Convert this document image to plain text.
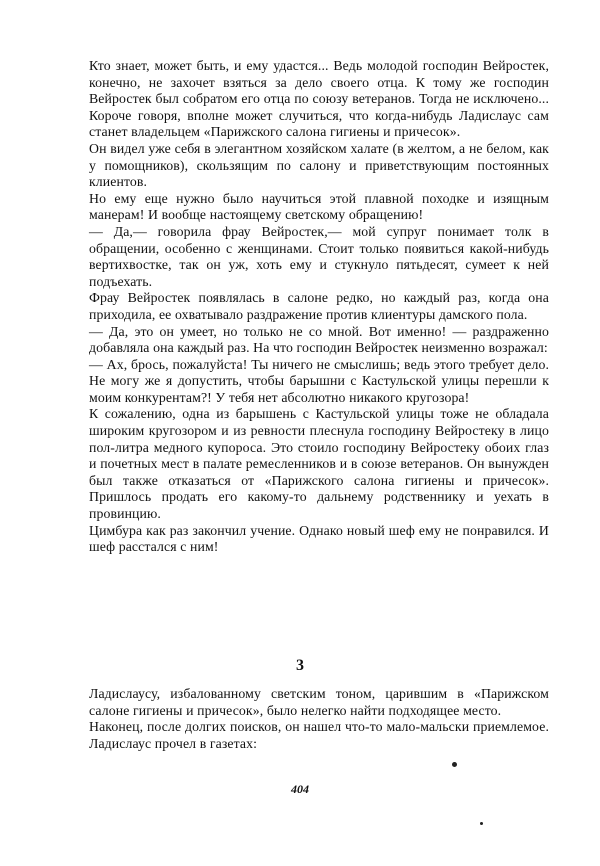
Кто знает, может быть, и ему удастся... Ведь молодой господин Вейростек, конечно, не захочет взяться за дело своего отца. К тому же господин Вейростек был собратом его отца по союзу ветеранов. Тогда не исключено... Короче говоря, вполне может случиться, что когда-нибудь Ладислаус сам станет владельцем «Парижского салона гигиены и причесок».

Он видел уже себя в элегантном хозяйском халате (в желтом, а не белом, как у помощников), скользящим по салону и приветствующим постоянных клиентов.

Но ему еще нужно было научиться этой плавной походке и изящным манерам! И вообще настоящему светскому обращению!

— Да,— говорила фрау Вейростек,— мой супруг понимает толк в обращении, особенно с женщинами. Стоит только появиться какой-нибудь вертихвостке, так он уж, хоть ему и стукнуло пятьдесят, сумеет к ней подъехать.

Фрау Вейростек появлялась в салоне редко, но каждый раз, когда она приходила, ее охватывало раздражение против клиентуры дамского пола.

— Да, это он умеет, но только не со мной. Вот именно! — раздраженно добавляла она каждый раз. На что господин Вейростек неизменно возражал:

— Ах, брось, пожалуйста! Ты ничего не смыслишь; ведь этого требует дело. Не могу же я допустить, чтобы барышни с Кастульской улицы перешли к моим конкурентам?! У тебя нет абсолютно никакого кругозора!

К сожалению, одна из барышень с Кастульской улицы тоже не обладала широким кругозором и из ревности плеснула господину Вейростеку в лицо пол-литра медного купороса. Это стоило господину Вейростеку обоих глаз и почетных мест в палате ремесленников и в союзе ветеранов. Он вынужден был также отказаться от «Парижского салона гигиены и причесок». Пришлось продать его какому-то дальнему родственнику и уехать в провинцию.

Цимбура как раз закончил учение. Однако новый шеф ему не понравился. И шеф расстался с ним!

3

Ладислаусу, избалованному светским тоном, царившим в «Парижском салоне гигиены и причесок», было нелегко найти подходящее место.

Наконец, после долгих поисков, он нашел что-то мало-мальски приемлемое. Ладислаус прочел в газетах:

404
